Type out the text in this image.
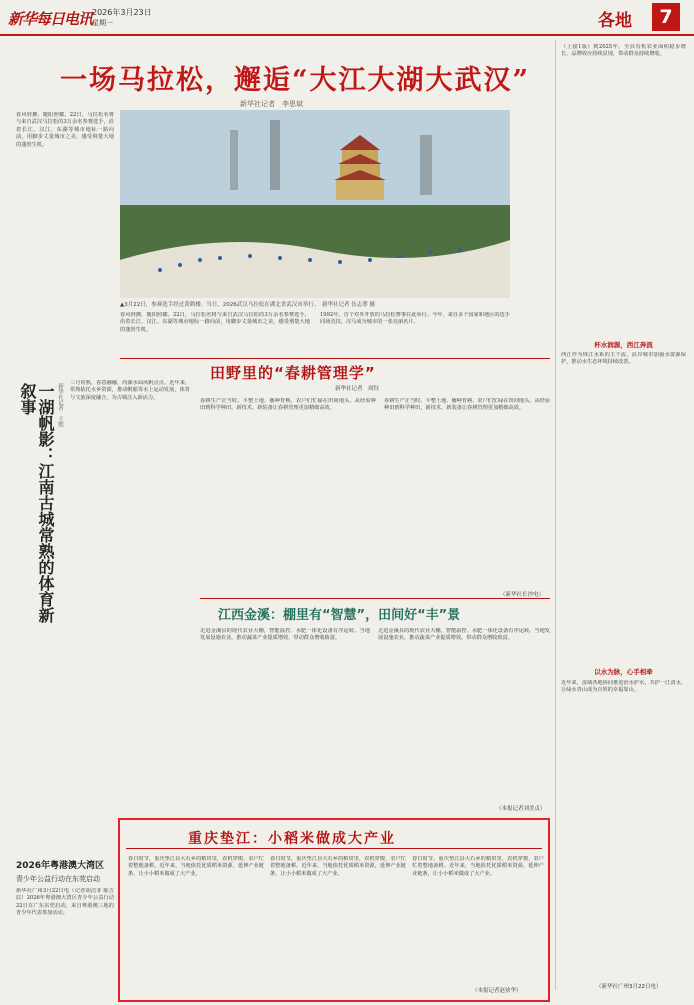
新华每日电讯 2026年3月23日
星期一	各地	7
一场马拉松，邂逅“大江大湖大武汉”
新华社记者　李思斌
春风轻拂，暖阳照耀。22日，马拉松名将与来自武汉马拉松的3万余名参赛选手，沿着长江、汉江、东湖等城市地标一路向前，用脚步丈量城市之美，感受荆楚大地的蓬勃生机。
▲3月22日，参赛选手经过黄鹤楼。当日，2026武汉马拉松在湖北省武汉市举行。　新华社记者 伍志尊 摄
春风轻拂，暖阳照耀。22日，马拉松名将与来自武汉马拉松的3万余名参赛选手，沿着长江、汉江、东湖等城市地标一路向前，用脚步丈量城市之美，感受荆楚大地的蓬勃生机。
1992年，首个对外开放的马拉松赛事在此举行。今年，来自多个国家和地区的选手同场竞技，汉马成为城市的一张亮丽名片。
一湖帆影：江南古城常熟的体育新叙事	新华社记者　王熙 三月常熟，春意融融，尚湖水面风帆点点。近年来，常熟依托水乡资源，推动帆船等水上运动发展，体育与文旅深度融合，为古城注入新活力。
田野里的“春耕管理学”
新华社记者　周钰
春耕生产正当时。平整土地、播种育秧，农户们忙碌在田间地头。从经验种田到科学种田，新技术、新装备让春耕管理更加精细高效。
春耕生产正当时。平整土地、播种育秧，农户们忙碌在田间地头。从经验种田到科学种田，新技术、新装备让春耕管理更加精细高效。
（新华社长沙电）
江西金溪：棚里有“智慧”，田间好“丰”景
走进金溪县的现代农业大棚，智能温控、水肥一体化设备有序运转。当地发展设施农业，推动蔬菜产业提质增效，带动群众增收致富。
走进金溪县的现代农业大棚，智能温控、水肥一体化设备有序运转。当地发展设施农业，推动蔬菜产业提质增效，带动群众增收致富。
（本报记者刘美贞）
2026年粤港澳大湾区
青少年公益行动在东莞启动
新华社广州3月22日电（记者胡洁菲 陈吉辰）2026年粤港澳大湾区青少年公益行动22日在广东东莞启动，来自粤港澳三地的青少年代表参加活动。
重庆垫江：小稻米做成大产业
春日时节，重庆垫江县大石乡的稻田里，农机穿梭，农户忙着整地备耕。近年来，当地依托优质稻米资源，延伸产业链条，让小小稻米做成了大产业。
春日时节，重庆垫江县大石乡的稻田里，农机穿梭，农户忙着整地备耕。近年来，当地依托优质稻米资源，延伸产业链条，让小小稻米做成了大产业。
春日时节，重庆垫江县大石乡的稻田里，农机穿梭，农户忙着整地备耕。近年来，当地依托优质稻米资源，延伸产业链条，让小小稻米做成了大产业。
（本报记者赵侠华）
（上接1版）到2025年，全县有机农业面积稳步增长，品牌效应持续显现，带动群众持续增收。
杯水润源，西江奔流
西江作为珠江水系的主干流，沿岸城市加强水资源保护，推动水生态环境持续改善。
以水为脉，心手相牵
近年来，流域各地协同推进治水护水，共护一江清水，让绿水青山成为百姓的幸福靠山。
（新华社广州3月22日电）
